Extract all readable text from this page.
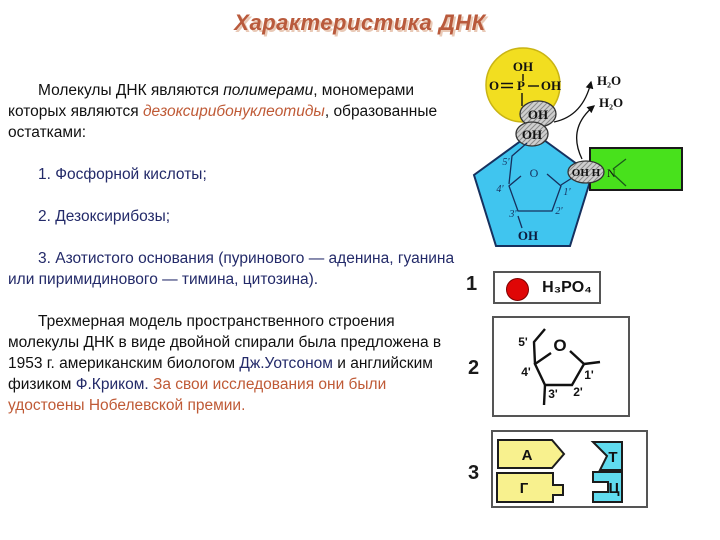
Характеристика ДНК

Молекулы ДНК являются полимерами, мономерами которых являются дезоксирибонуклеотиды, образованные остатками:

1. Фосфорной кислоты;

2. Дезоксирибозы;

3. Азотистого основания (пуринового — аденина, гуанина или пиримидинового — тимина, цитозина).

Трехмерная модель пространственного строения молекулы ДНК в виде двойной спирали была предложена в 1953 г. американским биологом Дж.Уотсоном и английским физиком Ф.Криком. За свои исследования они были удостоены Нобелевской премии.

N
OH
O P OH
OH
OH
O
5'
4'	1'
3'	2'
OH
OH H
H₂O
H₂O
1	H₃PO₄
2
O
5'
4'	1'
3' 2'
3
А	Т
Г	Ц
